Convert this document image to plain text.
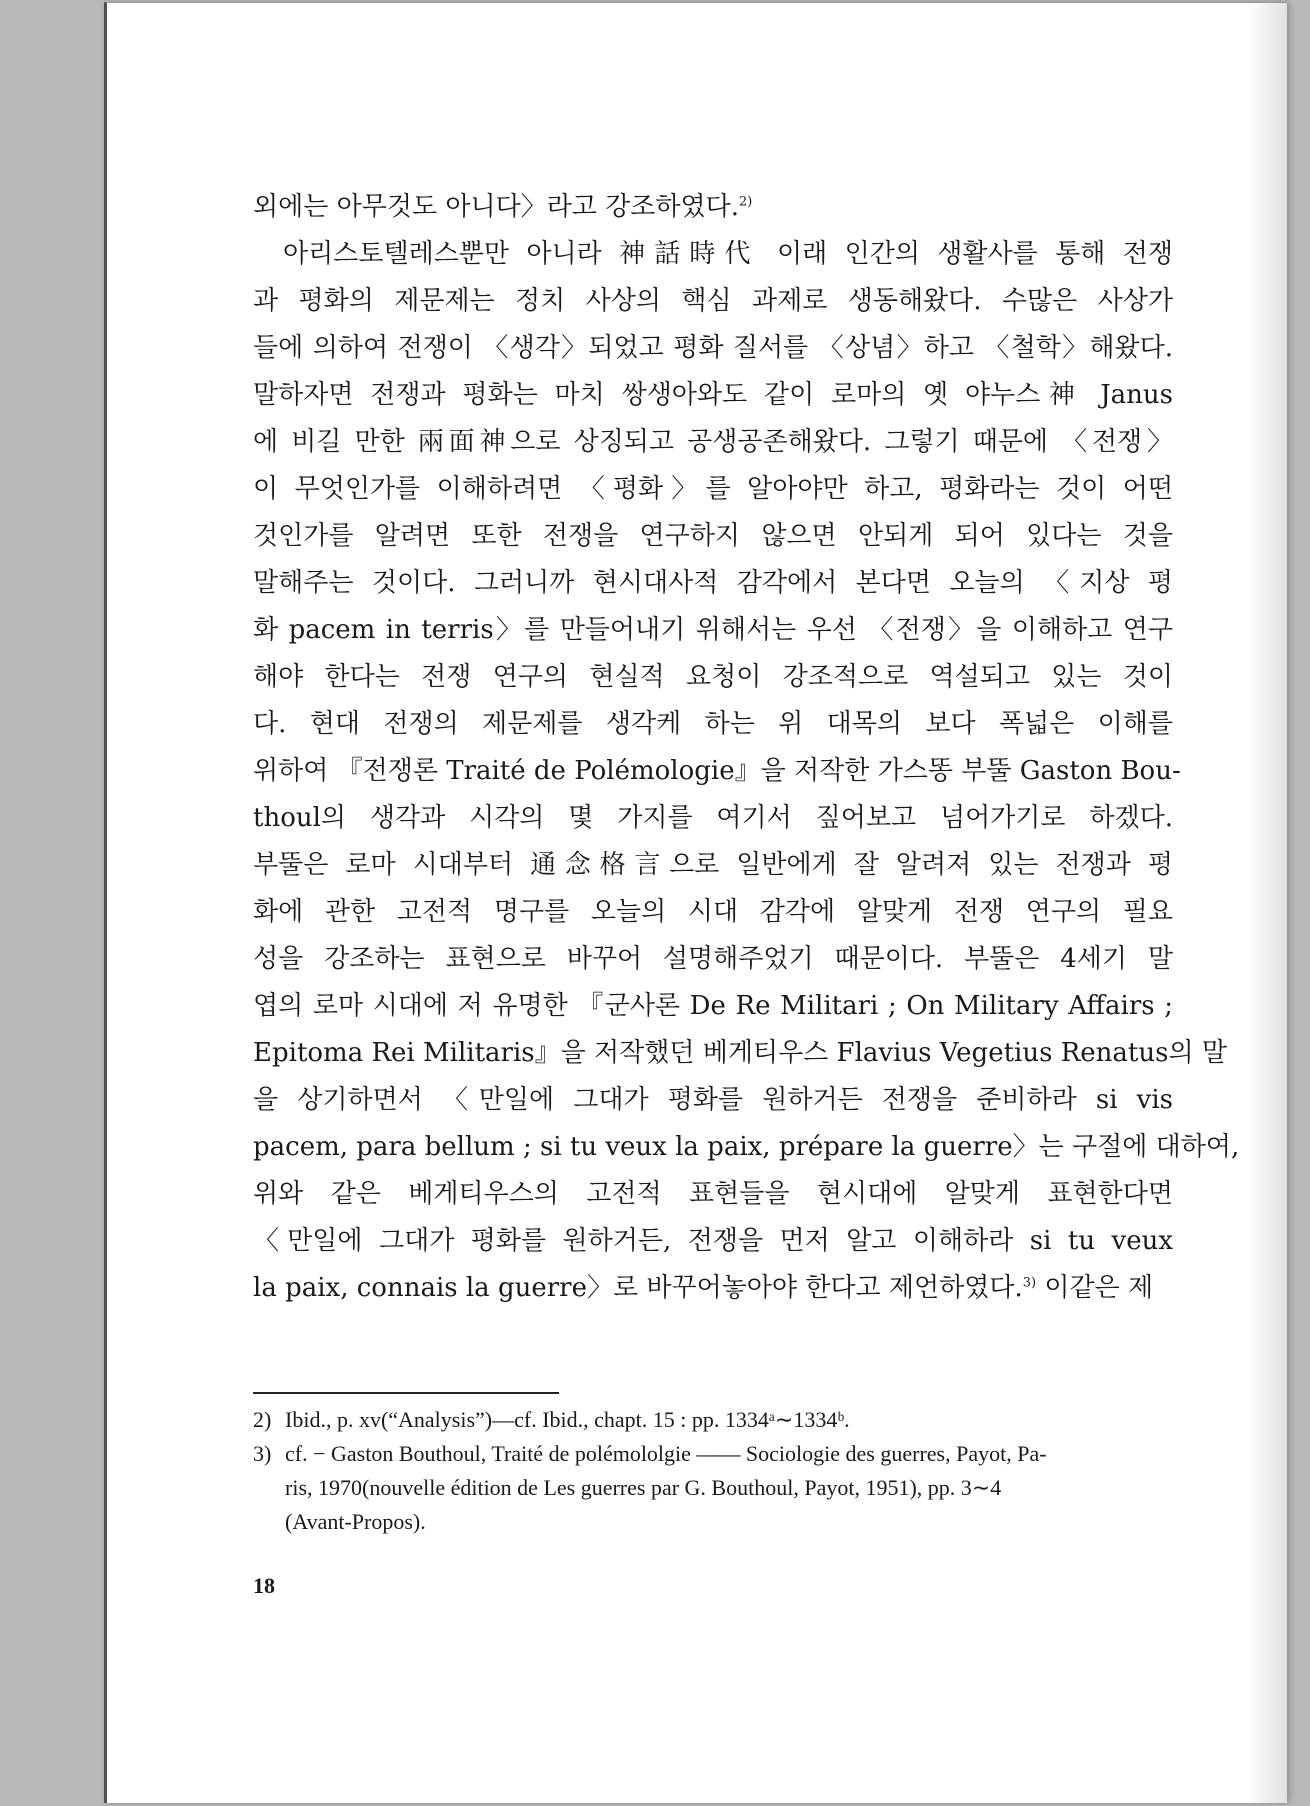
외에는 아무것도 아니다〉라고 강조하였다.$^{2)}$
아리스토텔레스뿐만 아니라 神話時代 이래 인간의 생활사를 통해 전쟁
과 평화의 제문제는 정치 사상의 핵심 과제로 생동해왔다. 수많은 사상가
들에 의하여 전쟁이 〈생각〉되었고 평화 질서를 〈상념〉하고 〈철학〉해왔다.
말하자면 전쟁과 평화는 마치 쌍생아와도 같이 로마의 옛 야누스神 Janus
에 비길 만한 兩面神으로 상징되고 공생공존해왔다. 그렇기 때문에 〈전쟁〉
이 무엇인가를 이해하려면 〈평화〉를 알아야만 하고, 평화라는 것이 어떤
것인가를 알려면 또한 전쟁을 연구하지 않으면 안되게 되어 있다는 것을
말해주는 것이다. 그러니까 현시대사적 감각에서 본다면 오늘의 〈지상 평
화 pacem in terris〉를 만들어내기 위해서는 우선 〈전쟁〉을 이해하고 연구
해야 한다는 전쟁 연구의 현실적 요청이 강조적으로 역설되고 있는 것이
다. 현대 전쟁의 제문제를 생각케 하는 위 대목의 보다 폭넓은 이해를
위하여 『전쟁론 Traité de Polémologie』을 저작한 가스똥 부뚤 Gaston Bou-
thoul의 생각과 시각의 몇 가지를 여기서 짚어보고 넘어가기로 하겠다.
부뚤은 로마 시대부터 通念格言으로 일반에게 잘 알려져 있는 전쟁과 평
화에 관한 고전적 명구를 오늘의 시대 감각에 알맞게 전쟁 연구의 필요
성을 강조하는 표현으로 바꾸어 설명해주었기 때문이다. 부뚤은 4세기 말
엽의 로마 시대에 저 유명한 『군사론 De Re Militari ; On Military Affairs ;
Epitoma Rei Militaris』을 저작했던 베게티우스 Flavius Vegetius Renatus의 말
을 상기하면서 〈만일에 그대가 평화를 원하거든 전쟁을 준비하라 si vis
pacem, para bellum ; si tu veux la paix, prépare la guerre〉는 구절에 대하여,
위와 같은 베게티우스의 고전적 표현들을 현시대에 알맞게 표현한다면
〈만일에 그대가 평화를 원하거든, 전쟁을 먼저 알고 이해하라 si tu veux
la paix, connais la guerre〉로 바꾸어놓아야 한다고 제언하였다.$^{3)}$ 이같은 제
2) Ibid., p. xv(“Analysis”)—cf. Ibid., chapt. 15 : pp. 1334ᵃ∼1334ᵇ.
3) cf. − Gaston Bouthoul, Traité de polémololgie —— Sociologie des guerres, Payot, Pa-
ris, 1970(nouvelle édition de Les guerres par G. Bouthoul, Payot, 1951), pp. 3∼4
(Avant-Propos).
18
